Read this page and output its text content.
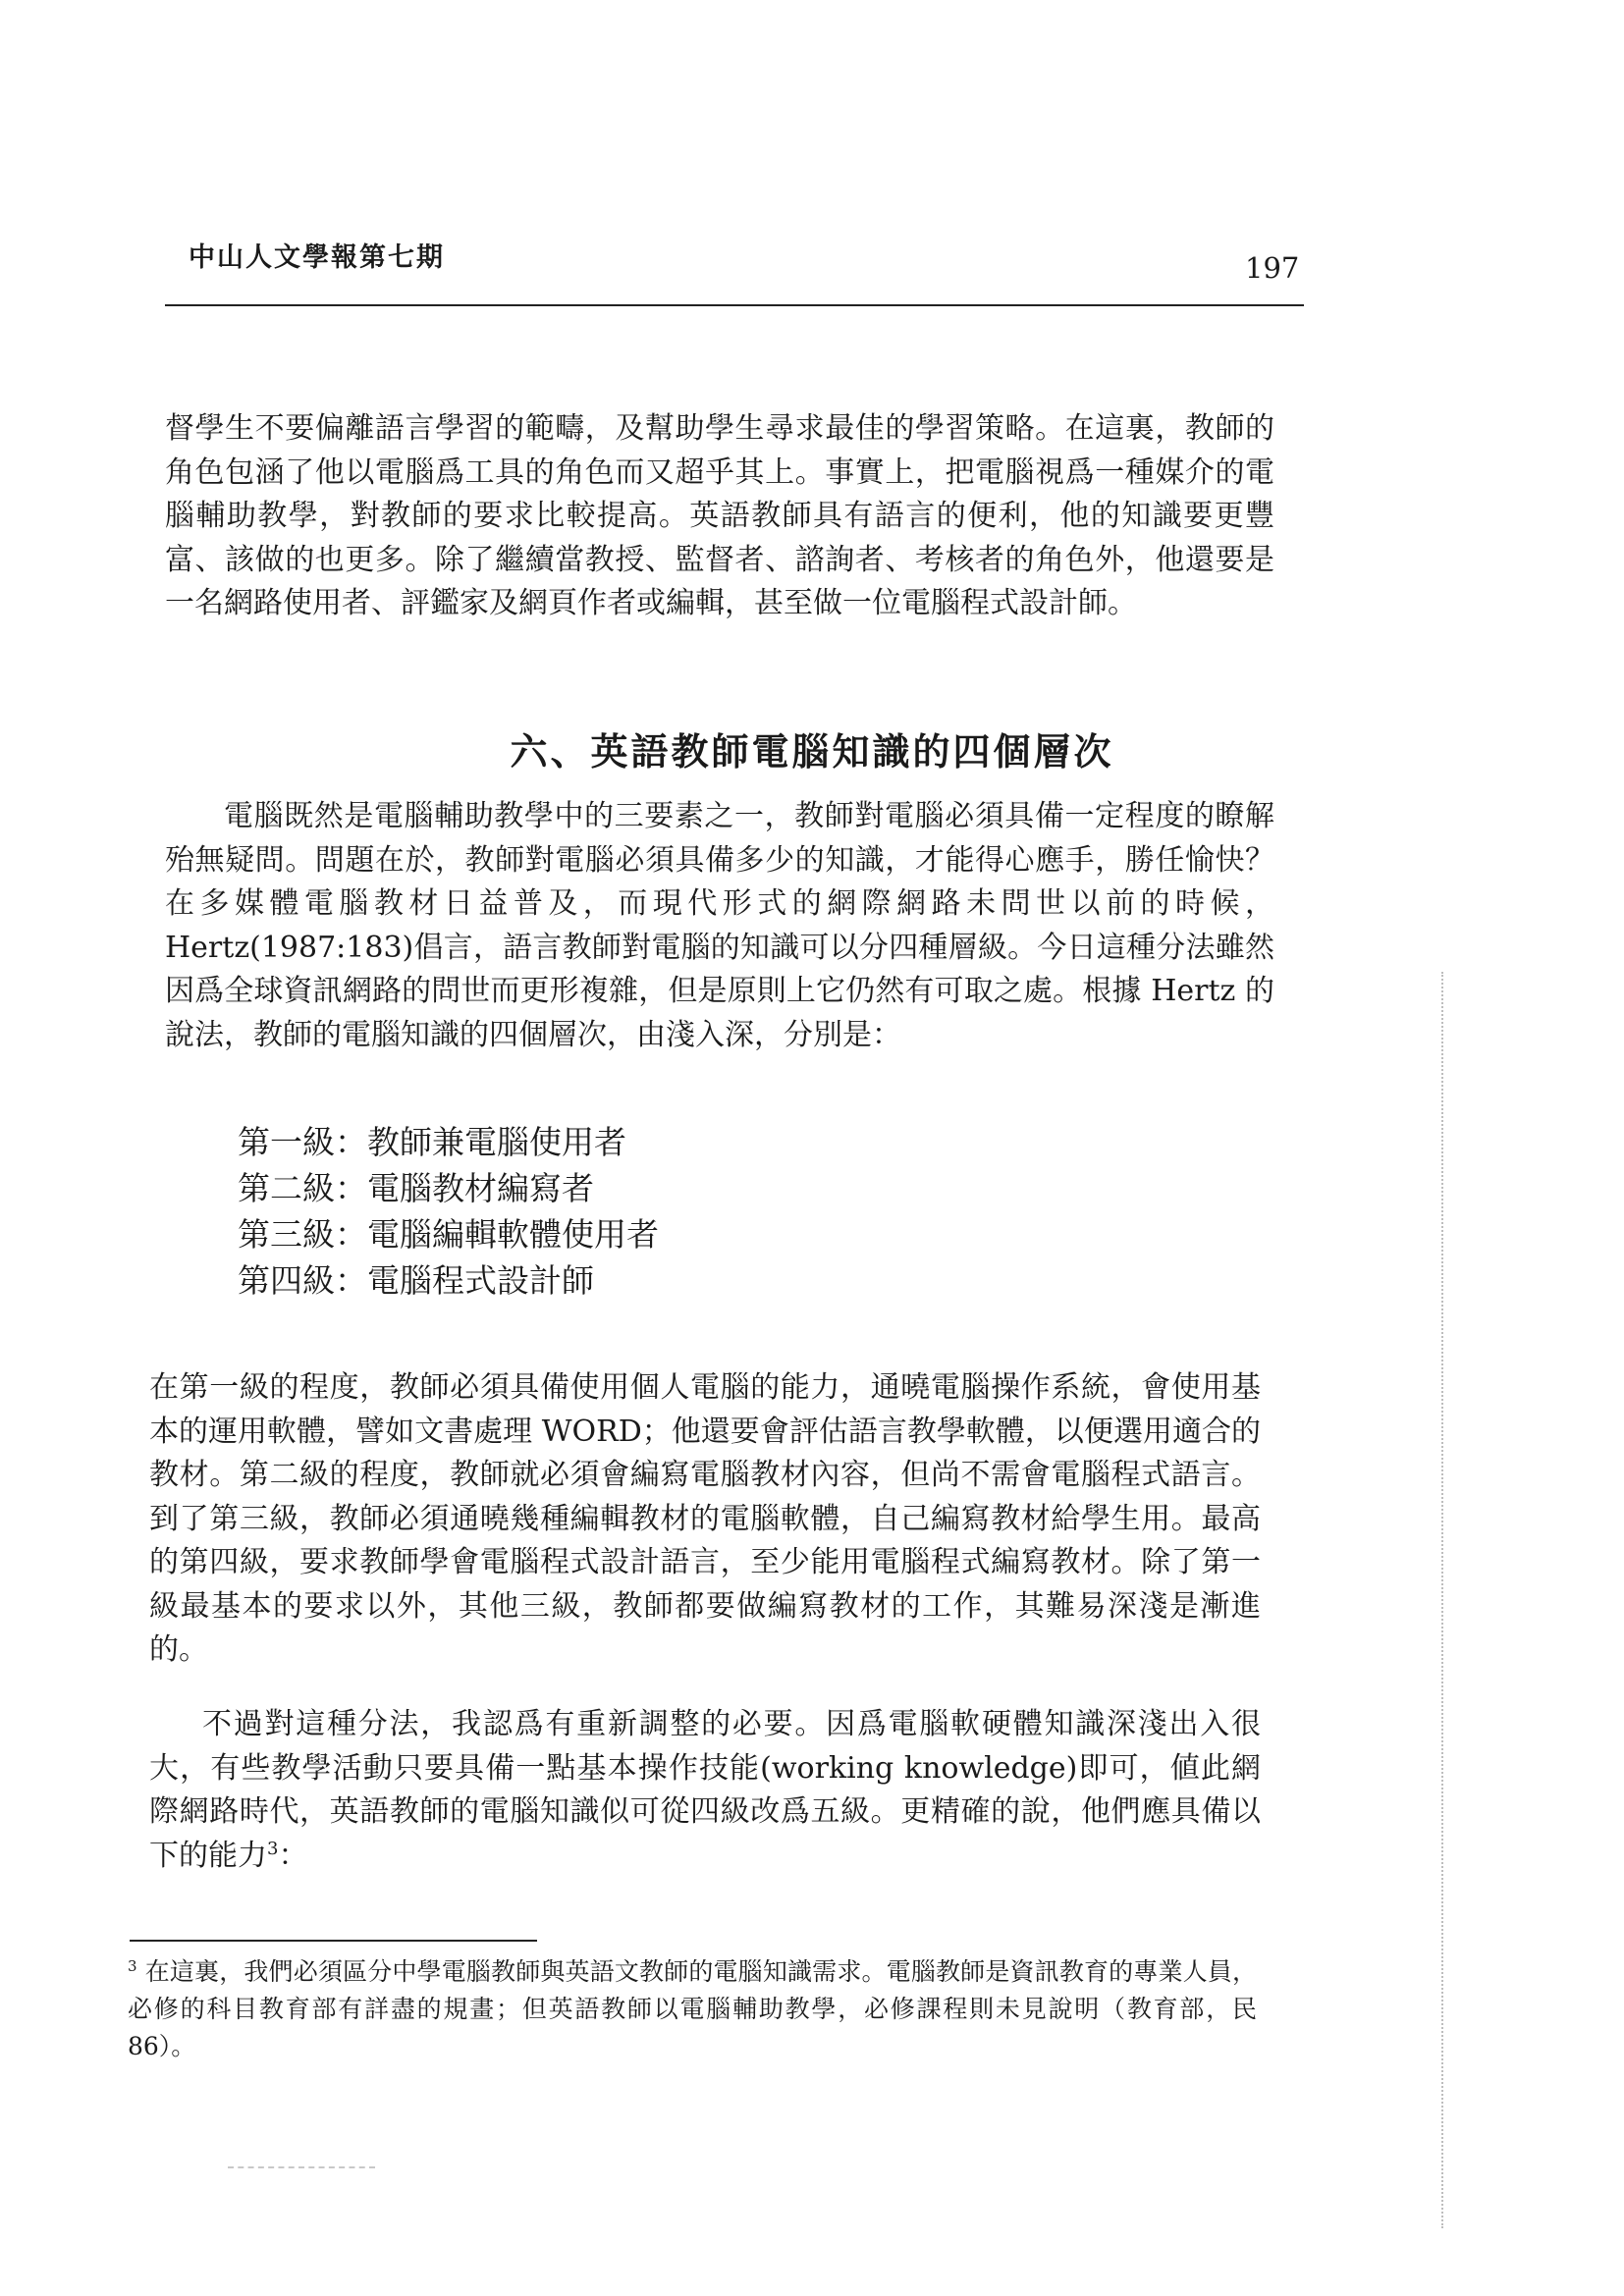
中山人文學報第七期	197

督學生不要偏離語言學習的範疇，及幫助學生尋求最佳的學習策略。在這裏，教師的角色包涵了他以電腦爲工具的角色而又超乎其上。事實上，把電腦視爲一種媒介的電腦輔助教學，對教師的要求比較提高。英語教師具有語言的便利，他的知識要更豐富、該做的也更多。除了繼續當教授、監督者、諮詢者、考核者的角色外，他還要是一名網路使用者、評鑑家及網頁作者或編輯，甚至做一位電腦程式設計師。

六、英語教師電腦知識的四個層次

電腦既然是電腦輔助教學中的三要素之一，教師對電腦必須具備一定程度的瞭解殆無疑問。問題在於，教師對電腦必須具備多少的知識，才能得心應手，勝任愉快？在多媒體電腦教材日益普及，而現代形式的網際網路未問世以前的時候，Hertz(1987:183)倡言，語言教師對電腦的知識可以分四種層級。今日這種分法雖然因爲全球資訊網路的問世而更形複雜，但是原則上它仍然有可取之處。根據 Hertz 的說法，教師的電腦知識的四個層次，由淺入深，分別是：

第一級：教師兼電腦使用者
第二級：電腦教材編寫者
第三級：電腦編輯軟體使用者
第四級：電腦程式設計師

在第一級的程度，教師必須具備使用個人電腦的能力，通曉電腦操作系統，會使用基本的運用軟體，譬如文書處理 WORD；他還要會評估語言教學軟體，以便選用適合的教材。第二級的程度，教師就必須會編寫電腦教材內容，但尚不需會電腦程式語言。到了第三級，教師必須通曉幾種編輯教材的電腦軟體，自己編寫教材給學生用。最高的第四級，要求教師學會電腦程式設計語言，至少能用電腦程式編寫教材。除了第一級最基本的要求以外，其他三級，教師都要做編寫教材的工作，其難易深淺是漸進的。

不過對這種分法，我認爲有重新調整的必要。因爲電腦軟硬體知識深淺出入很大，有些教學活動只要具備一點基本操作技能(working knowledge)即可，値此網際網路時代，英語教師的電腦知識似可從四級改爲五級。更精確的說，他們應具備以下的能力$^3$：

$^3$ 在這裏，我們必須區分中學電腦教師與英語文教師的電腦知識需求。電腦教師是資訊教育的專業人員，必修的科目教育部有詳盡的規畫；但英語教師以電腦輔助教學，必修課程則未見說明（教育部，民 86）。
